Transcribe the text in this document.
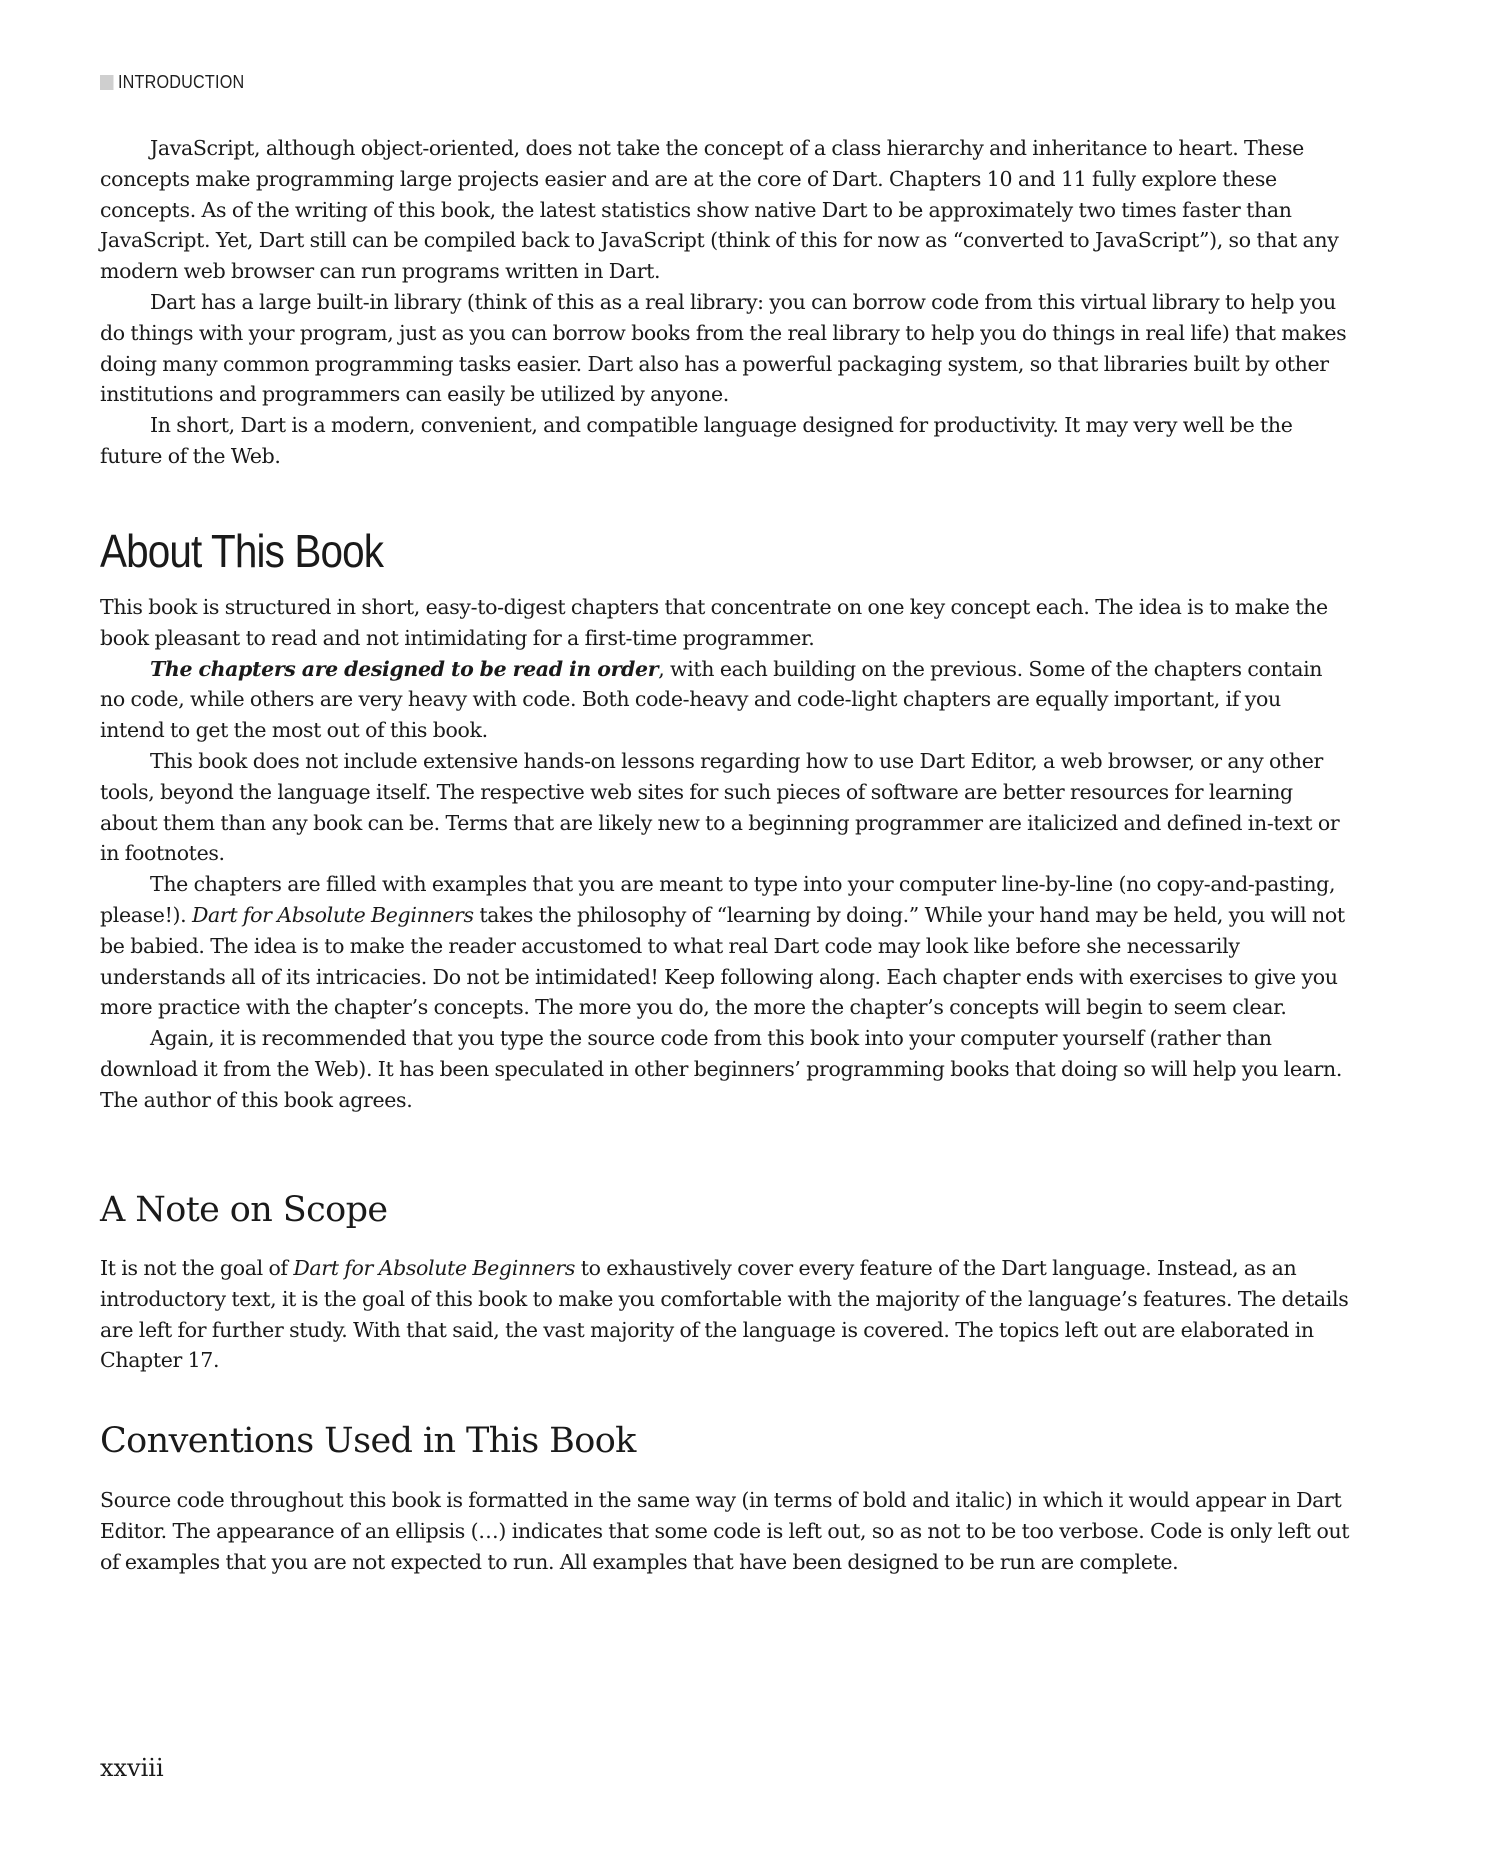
INTRODUCTION

JavaScript, although object-oriented, does not take the concept of a class hierarchy and inheritance to heart. These concepts make programming large projects easier and are at the core of Dart. Chapters 10 and 11 fully explore these concepts. As of the writing of this book, the latest statistics show native Dart to be approximately two times faster than JavaScript. Yet, Dart still can be compiled back to JavaScript (think of this for now as “converted to JavaScript”), so that any modern web browser can run programs written in Dart.

Dart has a large built-in library (think of this as a real library: you can borrow code from this virtual library to help you do things with your program, just as you can borrow books from the real library to help you do things in real life) that makes doing many common programming tasks easier. Dart also has a powerful packaging system, so that libraries built by other institutions and programmers can easily be utilized by anyone.

In short, Dart is a modern, convenient, and compatible language designed for productivity. It may very well be the future of the Web.

About This Book

This book is structured in short, easy-to-digest chapters that concentrate on one key concept each. The idea is to make the book pleasant to read and not intimidating for a first-time programmer.

The chapters are designed to be read in order, with each building on the previous. Some of the chapters contain no code, while others are very heavy with code. Both code-heavy and code-light chapters are equally important, if you intend to get the most out of this book.

This book does not include extensive hands-on lessons regarding how to use Dart Editor, a web browser, or any other tools, beyond the language itself. The respective web sites for such pieces of software are better resources for learning about them than any book can be. Terms that are likely new to a beginning programmer are italicized and defined in-text or in footnotes.

The chapters are filled with examples that you are meant to type into your computer line-by-line (no copy-and-pasting, please!). Dart for Absolute Beginners takes the philosophy of “learning by doing.” While your hand may be held, you will not be babied. The idea is to make the reader accustomed to what real Dart code may look like before she necessarily understands all of its intricacies. Do not be intimidated! Keep following along. Each chapter ends with exercises to give you more practice with the chapter’s concepts. The more you do, the more the chapter’s concepts will begin to seem clear.

Again, it is recommended that you type the source code from this book into your computer yourself (rather than download it from the Web). It has been speculated in other beginners’ programming books that doing so will help you learn. The author of this book agrees.

A Note on Scope

It is not the goal of Dart for Absolute Beginners to exhaustively cover every feature of the Dart language. Instead, as an introductory text, it is the goal of this book to make you comfortable with the majority of the language’s features. The details are left for further study. With that said, the vast majority of the language is covered. The topics left out are elaborated in Chapter 17.

Conventions Used in This Book

Source code throughout this book is formatted in the same way (in terms of bold and italic) in which it would appear in Dart Editor. The appearance of an ellipsis (…) indicates that some code is left out, so as not to be too verbose. Code is only left out of examples that you are not expected to run. All examples that have been designed to be run are complete.

xxviii
